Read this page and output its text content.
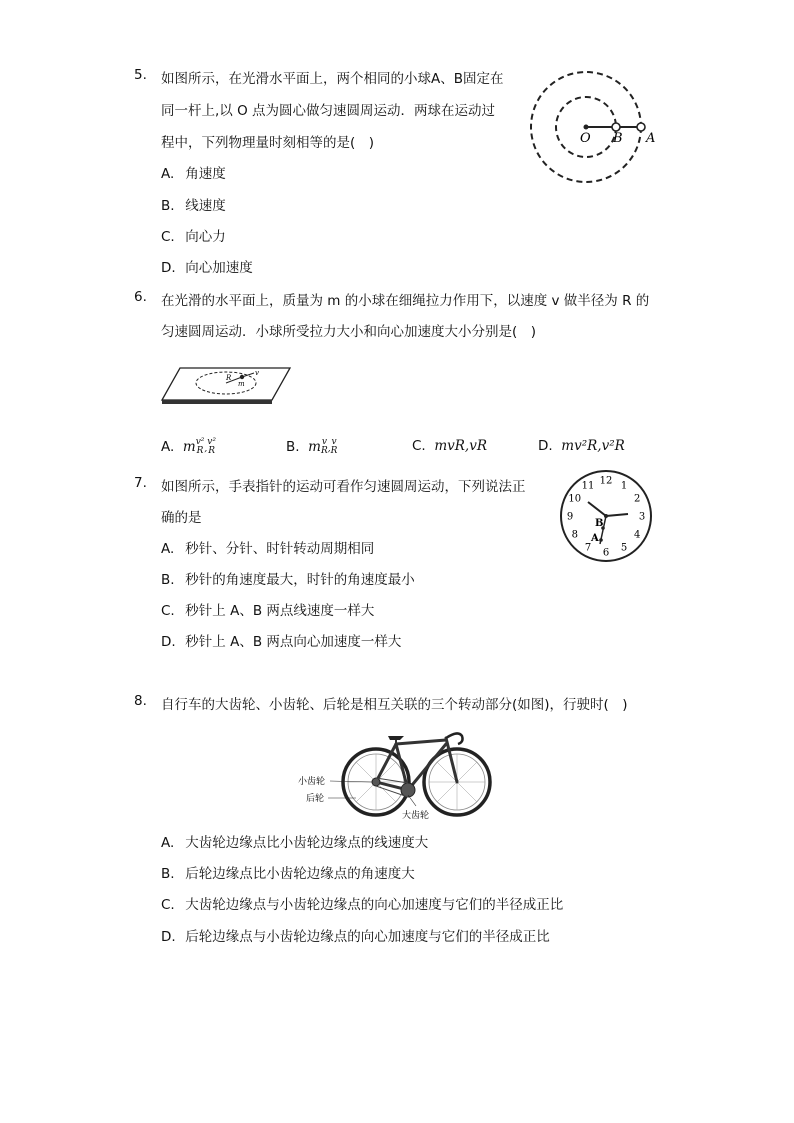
5. 如图所示，在光滑水平面上，两个相同的小球A、B固定在
同一杆上,以 O 点为圆心做匀速圆周运动．两球在运动过
程中，下列物理量时刻相等的是(　)
A. 角速度
B. 线速度
C. 向心力
D. 向心加速度
O B A
6. 在光滑的水平面上，质量为 m 的小球在细绳拉力作用下，以速度 v 做半径为 R 的
匀速圆周运动．小球所受拉力大小和向心加速度大小分别是(　)
R
m
v
A. m v²
R ,
v²
R	B. m v
R ,
v
R	C. mvR,vR	D. mv²R,v²R
7. 如图所示，手表指针的运动可看作匀速圆周运动，下列说法正
确的是
A. 秒针、分针、时针转动周期相同
B. 秒针的角速度最大，时针的角速度最小
C. 秒针上 A、B 两点线速度一样大
D. 秒针上 A、B 两点向心加速度一样大
12 1
2
3
4
5
6
7
8
9
10
11
B
A
8. 自行车的大齿轮、小齿轮、后轮是相互关联的三个转动部分(如图)，行驶时(　)
小齿轮
后轮
大齿轮
A. 大齿轮边缘点比小齿轮边缘点的线速度大
B. 后轮边缘点比小齿轮边缘点的角速度大
C. 大齿轮边缘点与小齿轮边缘点的向心加速度与它们的半径成正比
D. 后轮边缘点与小齿轮边缘点的向心加速度与它们的半径成正比
